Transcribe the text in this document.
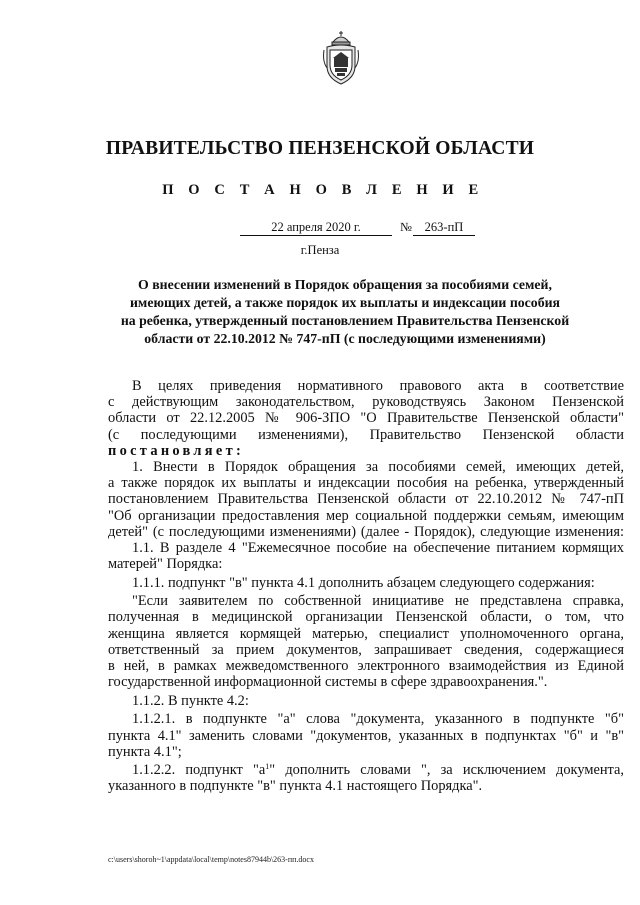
ПРАВИТЕЛЬСТВО ПЕНЗЕНСКОЙ ОБЛАСТИ
П О С Т А Н О В Л Е Н И Е
22 апреля 2020 г.	№	263-пП
г.Пенза
О внесении изменений в Порядок обращения за пособиями семей,
имеющих детей, а также порядок их выплаты и индексации пособия
на ребенка, утвержденный постановлением Правительства Пензенской
области от 22.10.2012 № 747-пП (с последующими изменениями)
В целях приведения нормативного правового акта в соответствие
с действующим законодательством, руководствуясь Законом Пензенской
области от 22.12.2005 № 906-ЗПО "О Правительстве Пензенской области"
(с последующими изменениями), Правительство Пензенской области
постановляет:
1. Внести в Порядок обращения за пособиями семей, имеющих детей,
а также порядок их выплаты и индексации пособия на ребенка, утвержденный
постановлением Правительства Пензенской области от 22.10.2012 № 747-пП
"Об организации предоставления мер социальной поддержки семьям, имеющим
детей" (с последующими изменениями) (далее - Порядок), следующие изменения:
1.1. В разделе 4 "Ежемесячное пособие на обеспечение питанием кормящих
матерей" Порядка:
1.1.1. подпункт "в" пункта 4.1 дополнить абзацем следующего содержания:
"Если заявителем по собственной инициативе не представлена справка,
полученная в медицинской организации Пензенской области, о том, что
женщина является кормящей матерью, специалист уполномоченного органа,
ответственный за прием документов, запрашивает сведения, содержащиеся
в ней, в рамках межведомственного электронного взаимодействия из Единой
государственной информационной системы в сфере здравоохранения.".
1.1.2. В пункте 4.2:
1.1.2.1. в подпункте "а" слова "документа, указанного в подпункте "б"
пункта 4.1" заменить словами "документов, указанных в подпунктах "б" и "в"
пункта 4.1";
1.1.2.2. подпункт "$а^1$" дополнить словами ", за исключением документа,
указанного в подпункте "в" пункта 4.1 настоящего Порядка".
c:\users\shoroh~1\appdata\local\temp\notes87944b\263-пп.docx
